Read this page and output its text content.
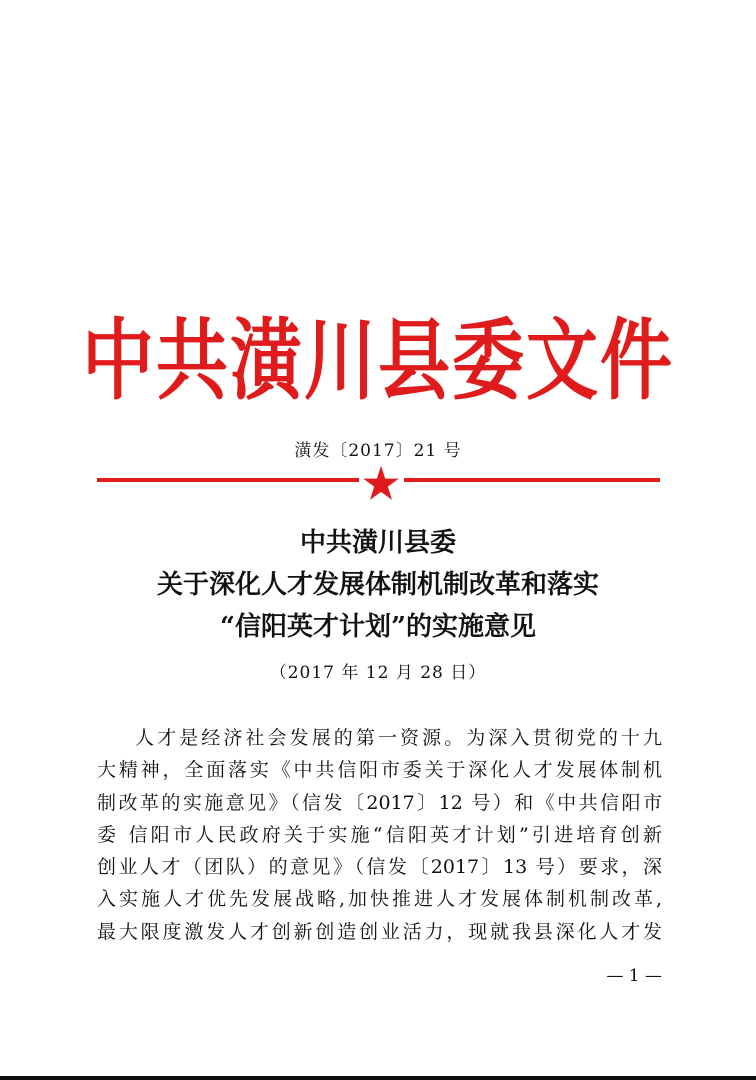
中共潢川县委文件
潢发〔2017〕21 号
中共潢川县委
关于深化人才发展体制机制改革和落实
“信阳英才计划”的实施意见
（2017 年 12 月 28 日）
人才是经济社会发展的第一资源。为深入贯彻党的十九
大精神，全面落实《中共信阳市委关于深化人才发展体制机
制改革的实施意见》（信发〔2017〕12 号）和《中共信阳市
委 信阳市人民政府关于实施“信阳英才计划”引进培育创新
创业人才（团队）的意见》（信发〔2017〕13 号）要求，深
入实施人才优先发展战略,加快推进人才发展体制机制改革,
最大限度激发人才创新创造创业活力，现就我县深化人才发
— 1 —
